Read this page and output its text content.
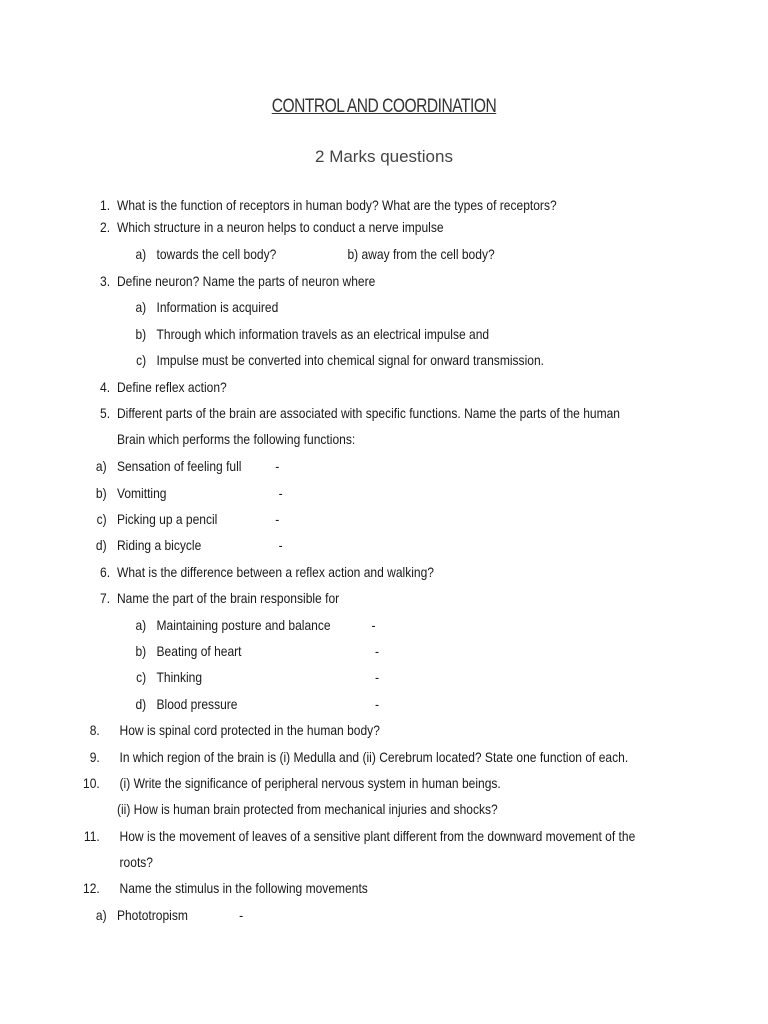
CONTROL AND COORDINATION
2 Marks questions
1. What is the function of receptors in human body? What are the types of receptors?
2. Which structure in a neuron helps to conduct a nerve impulse
a) towards the cell body?	b) away from the cell body?
3. Define neuron? Name the parts of neuron where
a) Information is acquired
b) Through which information travels as an electrical impulse and
c) Impulse must be converted into chemical signal for onward transmission.
4. Define reflex action?
5. Different parts of the brain are associated with specific functions. Name the parts of the human
Brain which performs the following functions:
a) Sensation of feeling full -
b) Vomitting	-
c) Picking up a pencil	-
d) Riding a bicycle	-
6. What is the difference between a reflex action and walking?
7. Name the part of the brain responsible for
a) Maintaining posture and balance	-
b) Beating of heart	-
c) Thinking	-
d) Blood pressure	-
8. How is spinal cord protected in the human body?
9. In which region of the brain is (i) Medulla and (ii) Cerebrum located? State one function of each.
10. (i) Write the significance of peripheral nervous system in human beings.
(ii) How is human brain protected from mechanical injuries and shocks?
11. How is the movement of leaves of a sensitive plant different from the downward movement of the
roots?
12. Name the stimulus in the following movements
a) Phototropism	-
